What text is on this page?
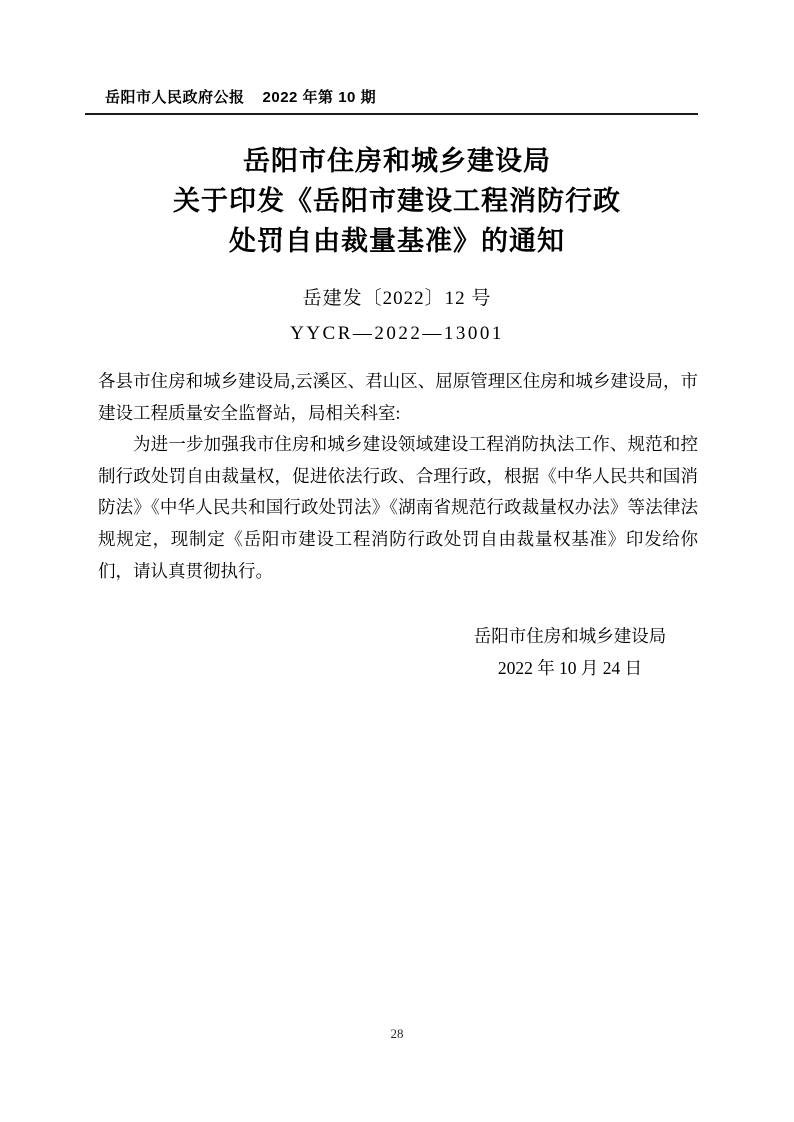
岳阳市人民政府公报 2022 年第 10 期
岳阳市住房和城乡建设局
关于印发《岳阳市建设工程消防行政
处罚自由裁量基准》的通知
岳建发〔2022〕12 号
YYCR—2022—13001

各县市住房和城乡建设局,云溪区、君山区、屈原管理区住房和城乡建设局，市建设工程质量安全监督站，局相关科室:

为进一步加强我市住房和城乡建设领域建设工程消防执法工作、规范和控制行政处罚自由裁量权，促进依法行政、合理行政，根据《中华人民共和国消防法》《中华人民共和国行政处罚法》《湖南省规范行政裁量权办法》等法律法规规定，现制定《岳阳市建设工程消防行政处罚自由裁量权基准》印发给你们，请认真贯彻执行。

岳阳市住房和城乡建设局
2022 年 10 月 24 日
28
